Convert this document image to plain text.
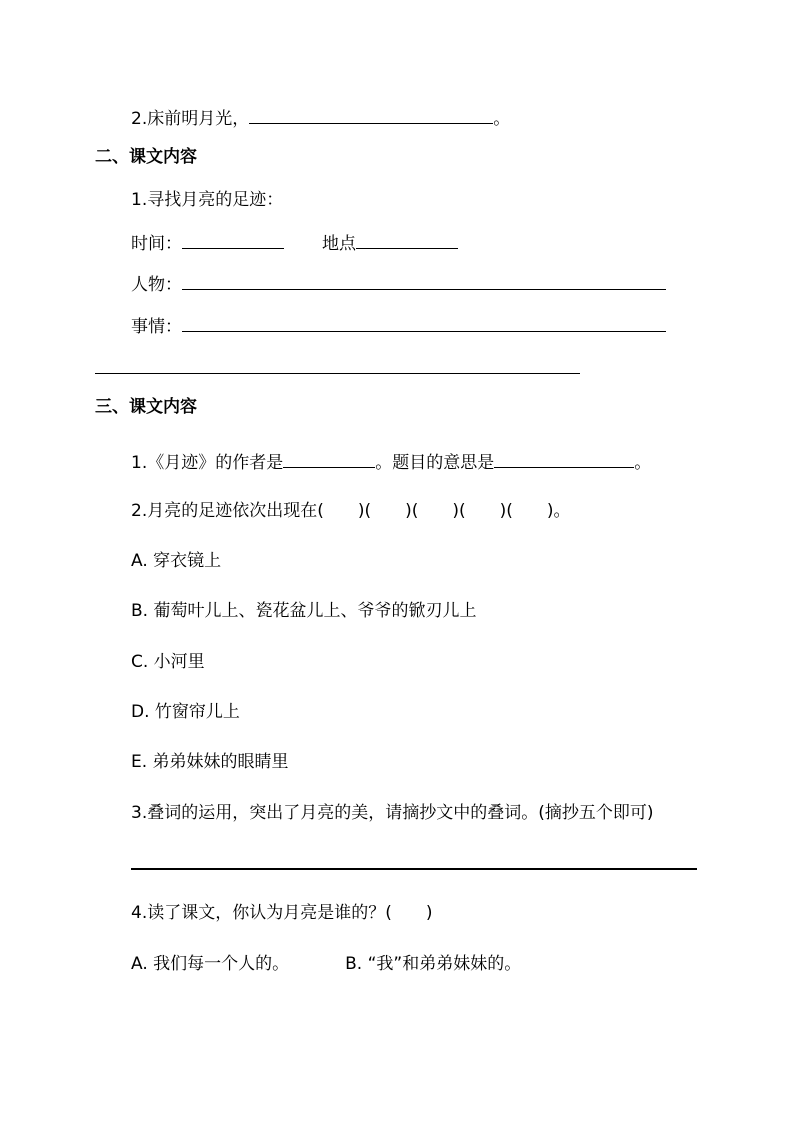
2.床前明月光，	。
二、课文内容
1.寻找月亮的足迹：
时间：	地点
人物：
事情：
三、课文内容
1.《月迹》的作者是	。题目的意思是	。
2.月亮的足迹依次出现在(　　)(　　)(　　)(　　)(　　)。
A. 穿衣镜上
B. 葡萄叶儿上、瓷花盆儿上、爷爷的锨刃儿上
C. 小河里
D. 竹窗帘儿上
E. 弟弟妹妹的眼睛里
3.叠词的运用，突出了月亮的美，请摘抄文中的叠词。(摘抄五个即可)
4.读了课文，你认为月亮是谁的？(　　)
A. 我们每一个人的。	B. “我”和弟弟妹妹的。
